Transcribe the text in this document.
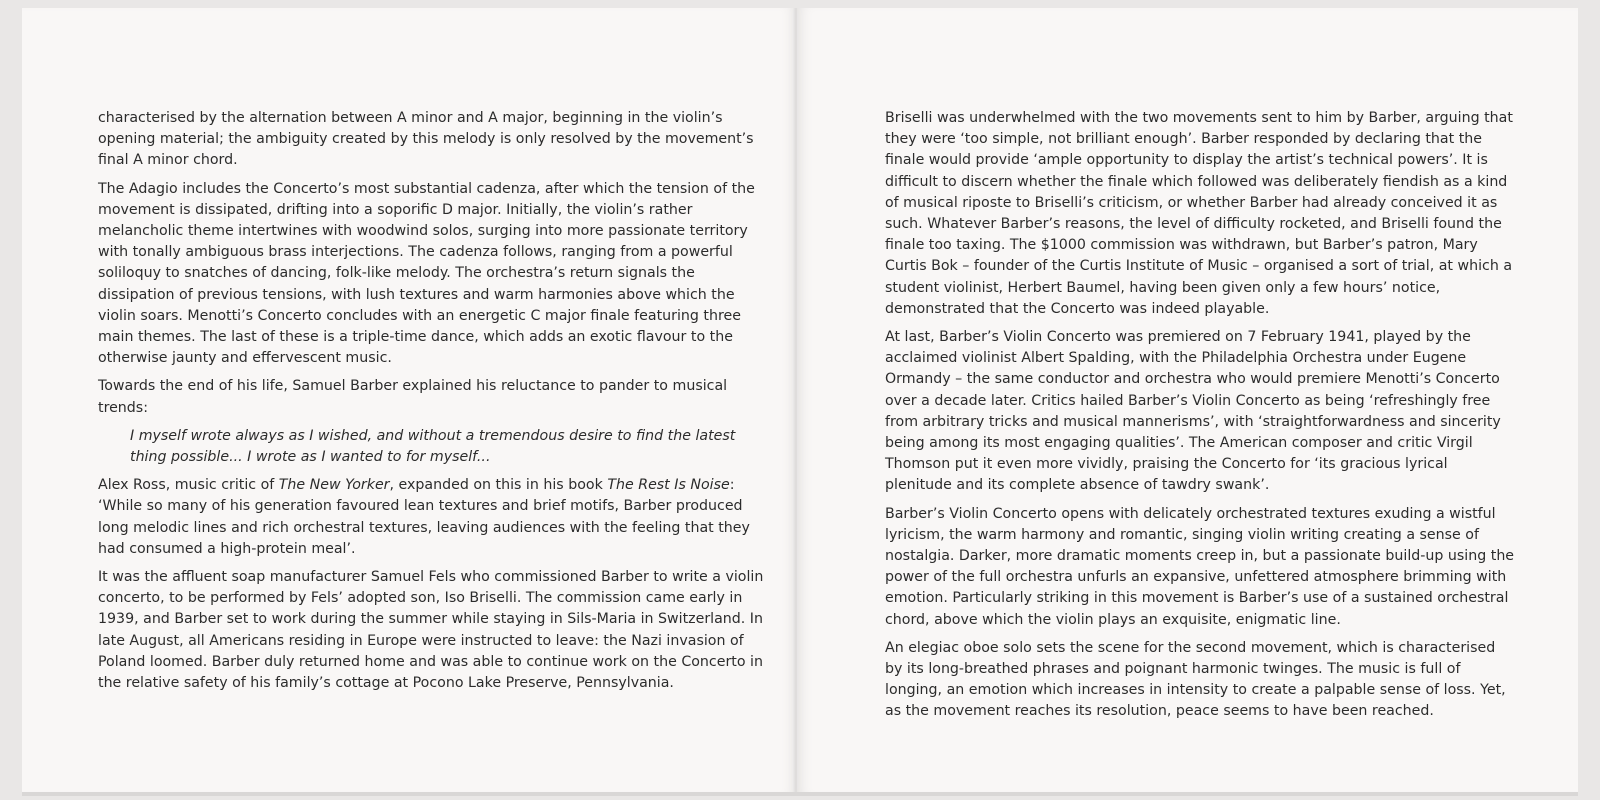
characterised by the alternation between A minor and A major, beginning in the violin’s opening material; the ambiguity created by this melody is only resolved by the movement’s final A minor chord.

The Adagio includes the Concerto’s most substantial cadenza, after which the tension of the movement is dissipated, drifting into a soporific D major. Initially, the violin’s rather melancholic theme intertwines with woodwind solos, surging into more passionate territory with tonally ambiguous brass interjections. The cadenza follows, ranging from a powerful soliloquy to snatches of dancing, folk-like melody. The orchestra’s return signals the dissipation of previous tensions, with lush textures and warm harmonies above which the violin soars. Menotti’s Concerto concludes with an energetic C major finale featuring three main themes. The last of these is a triple-time dance, which adds an exotic flavour to the otherwise jaunty and effervescent music.

Towards the end of his life, Samuel Barber explained his reluctance to pander to musical trends:

I myself wrote always as I wished, and without a tremendous desire to find the latest thing possible... I wrote as I wanted to for myself...

Alex Ross, music critic of The New Yorker, expanded on this in his book The Rest Is Noise: ‘While so many of his generation favoured lean textures and brief motifs, Barber produced long melodic lines and rich orchestral textures, leaving audiences with the feeling that they had consumed a high-protein meal’.

It was the affluent soap manufacturer Samuel Fels who commissioned Barber to write a violin concerto, to be performed by Fels’ adopted son, Iso Briselli. The commission came early in 1939, and Barber set to work during the summer while staying in Sils-Maria in Switzerland. In late August, all Americans residing in Europe were instructed to leave: the Nazi invasion of Poland loomed. Barber duly returned home and was able to continue work on the Concerto in the relative safety of his family’s cottage at Pocono Lake Preserve, Pennsylvania.

Briselli was underwhelmed with the two movements sent to him by Barber, arguing that they were ‘too simple, not brilliant enough’. Barber responded by declaring that the finale would provide ‘ample opportunity to display the artist’s technical powers’. It is difficult to discern whether the finale which followed was deliberately fiendish as a kind of musical riposte to Briselli’s criticism, or whether Barber had already conceived it as such. Whatever Barber’s reasons, the level of difficulty rocketed, and Briselli found the finale too taxing. The $1000 commission was withdrawn, but Barber’s patron, Mary Curtis Bok – founder of the Curtis Institute of Music – organised a sort of trial, at which a student violinist, Herbert Baumel, having been given only a few hours’ notice, demonstrated that the Concerto was indeed playable.

At last, Barber’s Violin Concerto was premiered on 7 February 1941, played by the acclaimed violinist Albert Spalding, with the Philadelphia Orchestra under Eugene Ormandy – the same conductor and orchestra who would premiere Menotti’s Concerto over a decade later. Critics hailed Barber’s Violin Concerto as being ‘refreshingly free from arbitrary tricks and musical mannerisms’, with ‘straightforwardness and sincerity being among its most engaging qualities’. The American composer and critic Virgil Thomson put it even more vividly, praising the Concerto for ‘its gracious lyrical plenitude and its complete absence of tawdry swank’.

Barber’s Violin Concerto opens with delicately orchestrated textures exuding a wistful lyricism, the warm harmony and romantic, singing violin writing creating a sense of nostalgia. Darker, more dramatic moments creep in, but a passionate build-up using the power of the full orchestra unfurls an expansive, unfettered atmosphere brimming with emotion. Particularly striking in this movement is Barber’s use of a sustained orchestral chord, above which the violin plays an exquisite, enigmatic line.

An elegiac oboe solo sets the scene for the second movement, which is characterised by its long-breathed phrases and poignant harmonic twinges. The music is full of longing, an emotion which increases in intensity to create a palpable sense of loss. Yet, as the movement reaches its resolution, peace seems to have been reached.
